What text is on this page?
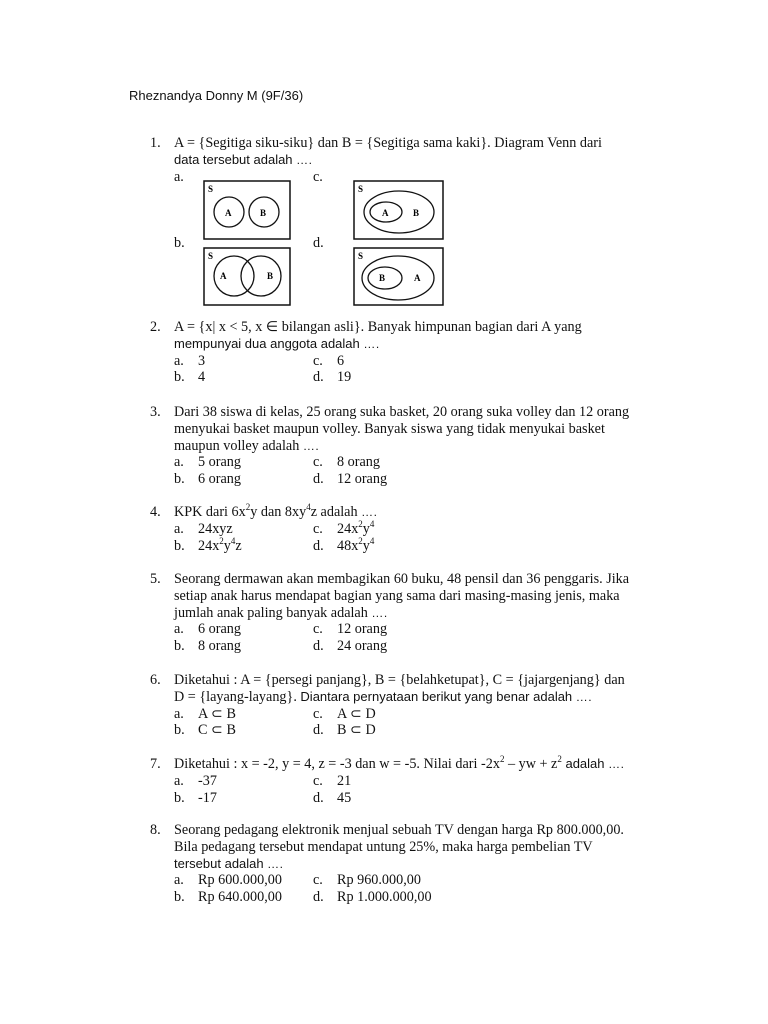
Rheznandya Donny M (9F/36)
1. A = {Segitiga siku-siku} dan B = {Segitiga sama kaki}. Diagram Venn dari
data tersebut adalah ….
a.	c.
b.	d.
S
A	B
S
A	B
S
A	B
S
B	A
2. A = {x| x < 5, x ∈ bilangan asli}. Banyak himpunan bagian dari A yang
mempunyai dua anggota adalah ….
a. 3	c. 6
b. 4	d. 19
3. Dari 38 siswa di kelas, 25 orang suka basket, 20 orang suka volley dan 12 orang
menyukai basket maupun volley. Banyak siswa yang tidak menyukai basket
maupun volley adalah ….
a. 5 orang	c. 8 orang
b. 6 orang	d. 12 orang
4. KPK dari $6x^2y$ dan $8xy^4z$ adalah ….
a. 24xyz	c. $24x^2y^4$
b. $24x^2y^4z$	d. $48x^2y^4$
5. Seorang dermawan akan membagikan 60 buku, 48 pensil dan 36 penggaris. Jika
setiap anak harus mendapat bagian yang sama dari masing-masing jenis, maka
jumlah anak paling banyak adalah ….
a. 6 orang	c. 12 orang
b. 8 orang	d. 24 orang
6. Diketahui : A = {persegi panjang}, B = {belahketupat}, C = {jajargenjang} dan
D = {layang-layang}. Diantara pernyataan berikut yang benar adalah ….
a. A ⊂ B	c. A ⊂ D
b. C ⊂ B	d. B ⊂ D
7. Diketahui : x = -2, y = 4, z = -3 dan w = -5. Nilai dari $-2x^2$ – yw + $z^2$ adalah ….
a. -37	c. 21
b. -17	d. 45
8. Seorang pedagang elektronik menjual sebuah TV dengan harga Rp 800.000,00.
Bila pedagang tersebut mendapat untung 25%, maka harga pembelian TV
tersebut adalah ….
a. Rp 600.000,00 c. Rp 960.000,00
b. Rp 640.000,00 d. Rp 1.000.000,00
